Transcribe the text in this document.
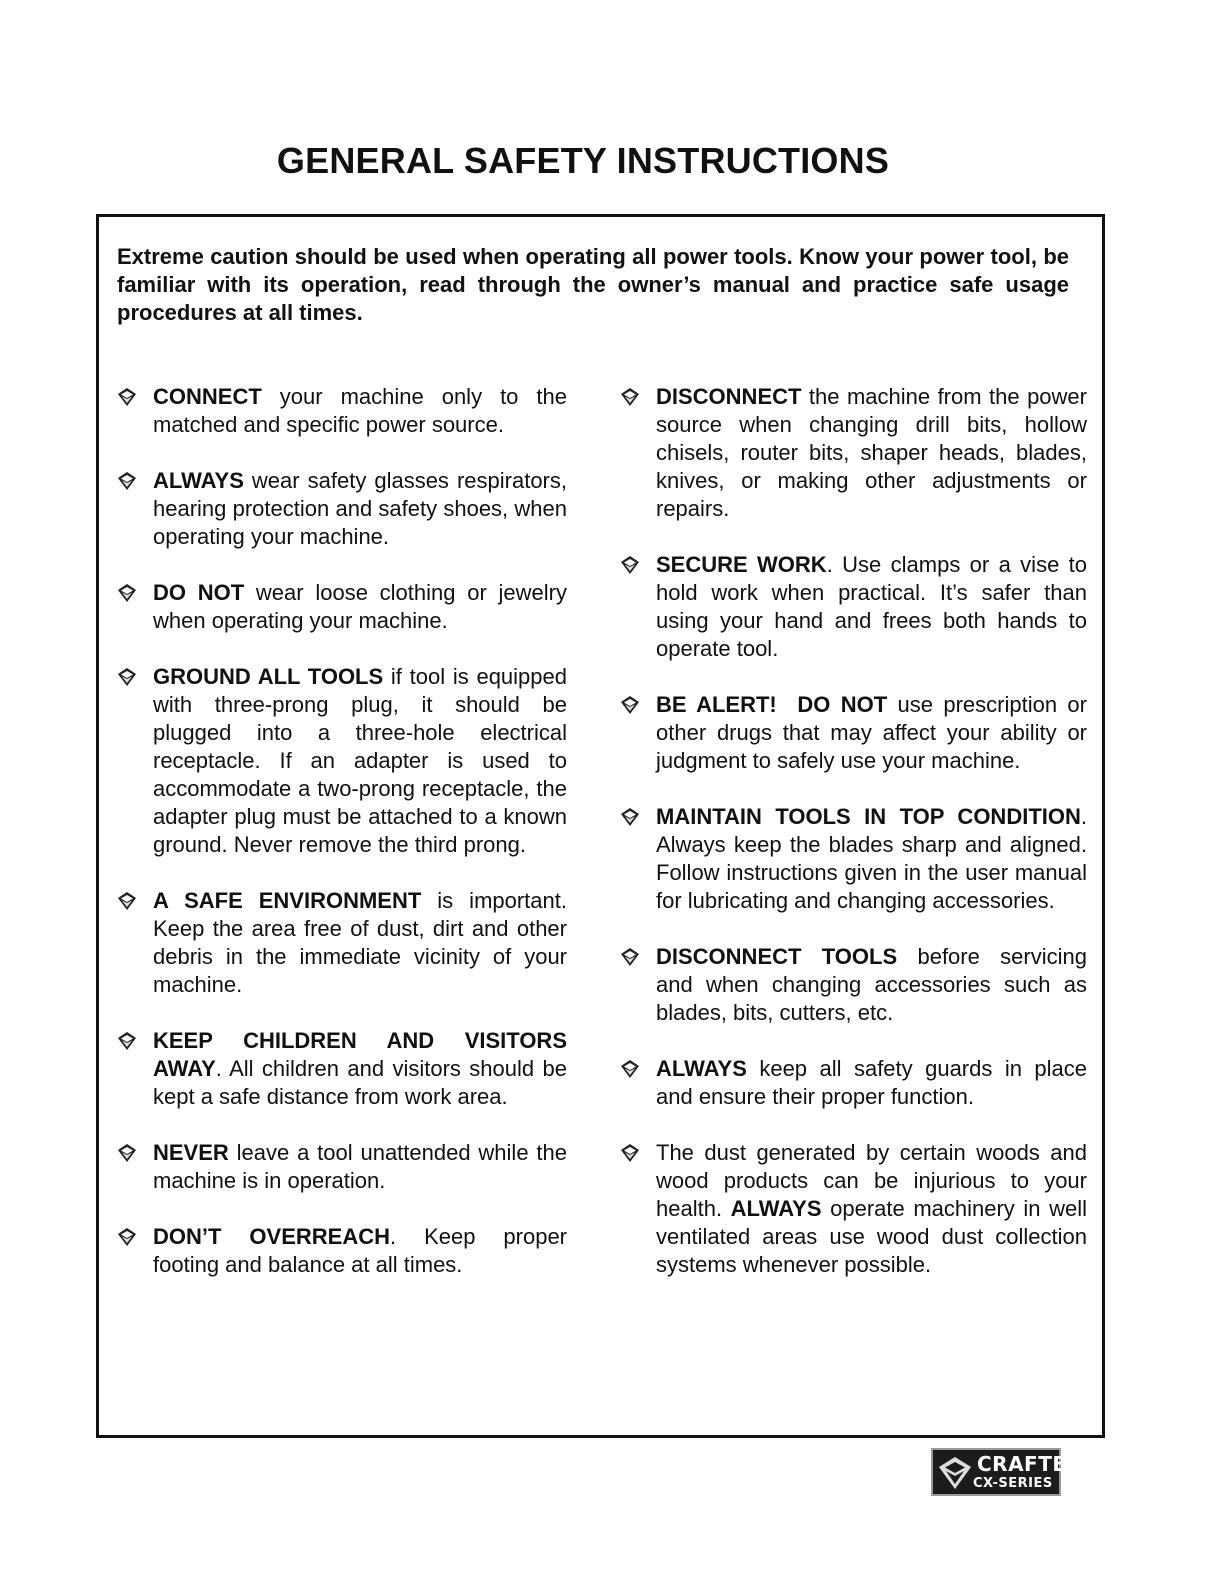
GENERAL SAFETY INSTRUCTIONS

Extreme caution should be used when operating all power tools. Know your power tool, be familiar with its operation, read through the owner’s manual and practice safe usage procedures at all times.

CONNECT your machine only to the matched and specific power source.
ALWAYS wear safety glasses respirators, hearing protection and safety shoes, when operating your machine.
DO NOT wear loose clothing or jewelry when operating your machine.
GROUND ALL TOOLS if tool is equipped with three-prong plug, it should be plugged into a three-hole electrical receptacle. If an adapter is used to accommodate a two-prong receptacle, the adapter plug must be attached to a known ground. Never remove the third prong.
A SAFE ENVIRONMENT is important. Keep the area free of dust, dirt and other debris in the immediate vicinity of your machine.
KEEP CHILDREN AND VISITORS AWAY. All children and visitors should be kept a safe distance from work area.
NEVER leave a tool unattended while the machine is in operation.
DON’T OVERREACH. Keep proper footing and balance at all times.
DISCONNECT the machine from the power source when changing drill bits, hollow chisels, router bits, shaper heads, blades, knives, or making other adjustments or repairs.
SECURE WORK. Use clamps or a vise to hold work when practical. It’s safer than using your hand and frees both hands to operate tool.
BE ALERT!  DO NOT use prescription or other drugs that may affect your ability or judgment to safely use your machine.
MAINTAIN TOOLS IN TOP CONDITION. Always keep the blades sharp and aligned. Follow instructions given in the user manual for lubricating and changing accessories.
DISCONNECT TOOLS before servicing and when changing accessories such as blades, bits, cutters, etc.
ALWAYS keep all safety guards in place and ensure their proper function.
The dust generated by certain woods and wood products can be injurious to your health. ALWAYS operate machinery in well ventilated areas use wood dust collection systems whenever possible.
CRAFTEX
CX-SERIES
